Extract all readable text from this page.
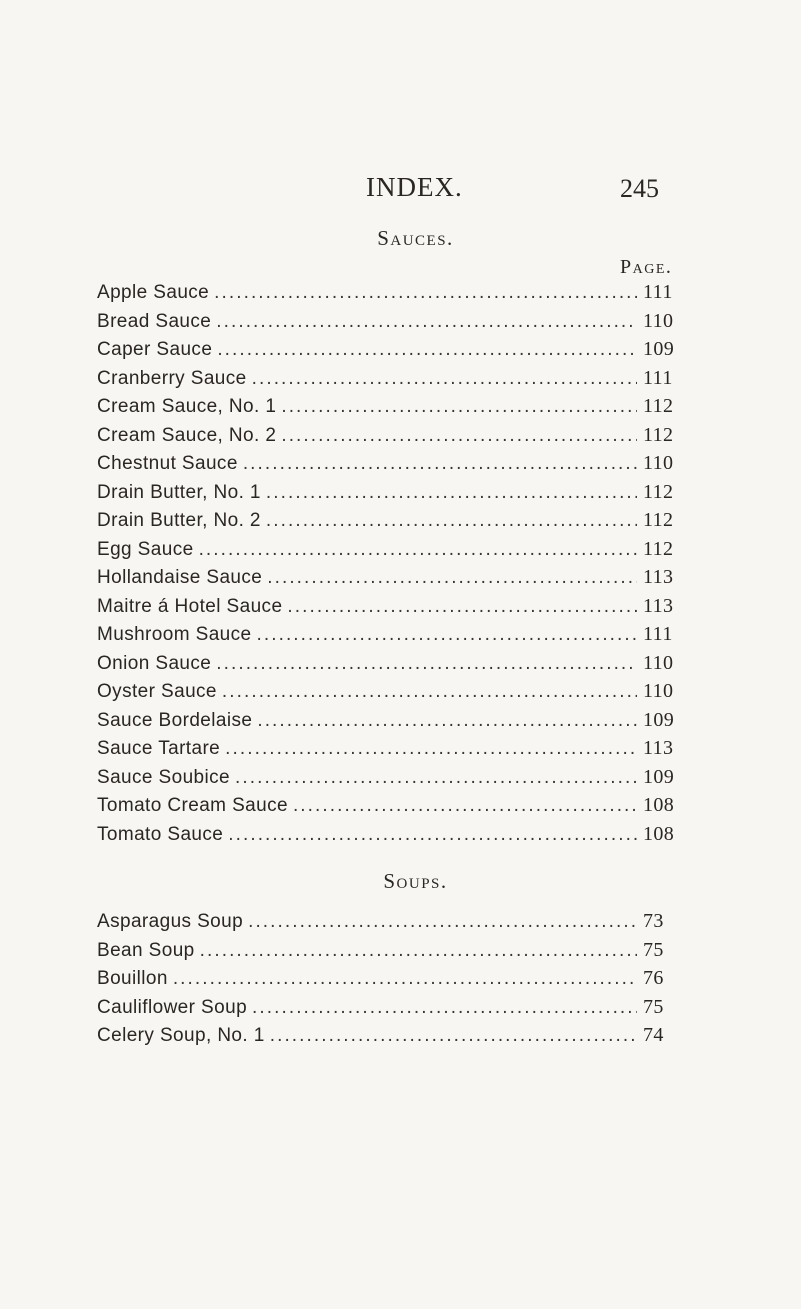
INDEX.	245
Sauces.
Page.
Apple Sauce . . .	111
Bread Sauce . . .	110
Caper Sauce . . .	109
Cranberry Sauce . . .	111
Cream Sauce, No. 1 . . .	112
Cream Sauce, No. 2 . . .	112
Chestnut Sauce . . .	110
Drain Butter, No. 1 . . .	112
Drain Butter, No. 2 . . .	112
Egg Sauce . . .	112
Hollandaise Sauce . . .	113
Maitre á Hotel Sauce . . .	113
Mushroom Sauce . . .	111
Onion Sauce . . .	110
Oyster Sauce . . .	110
Sauce Bordelaise . . .	109
Sauce Tartare . . .	113
Sauce Soubice . . .	109
Tomato Cream Sauce . . .	108
Tomato Sauce . . .	108
Soups.
Asparagus Soup . . .	73
Bean Soup . . .	75
Bouillon . . .	76
Cauliflower Soup . . .	75
Celery Soup, No. 1 . . .	74
